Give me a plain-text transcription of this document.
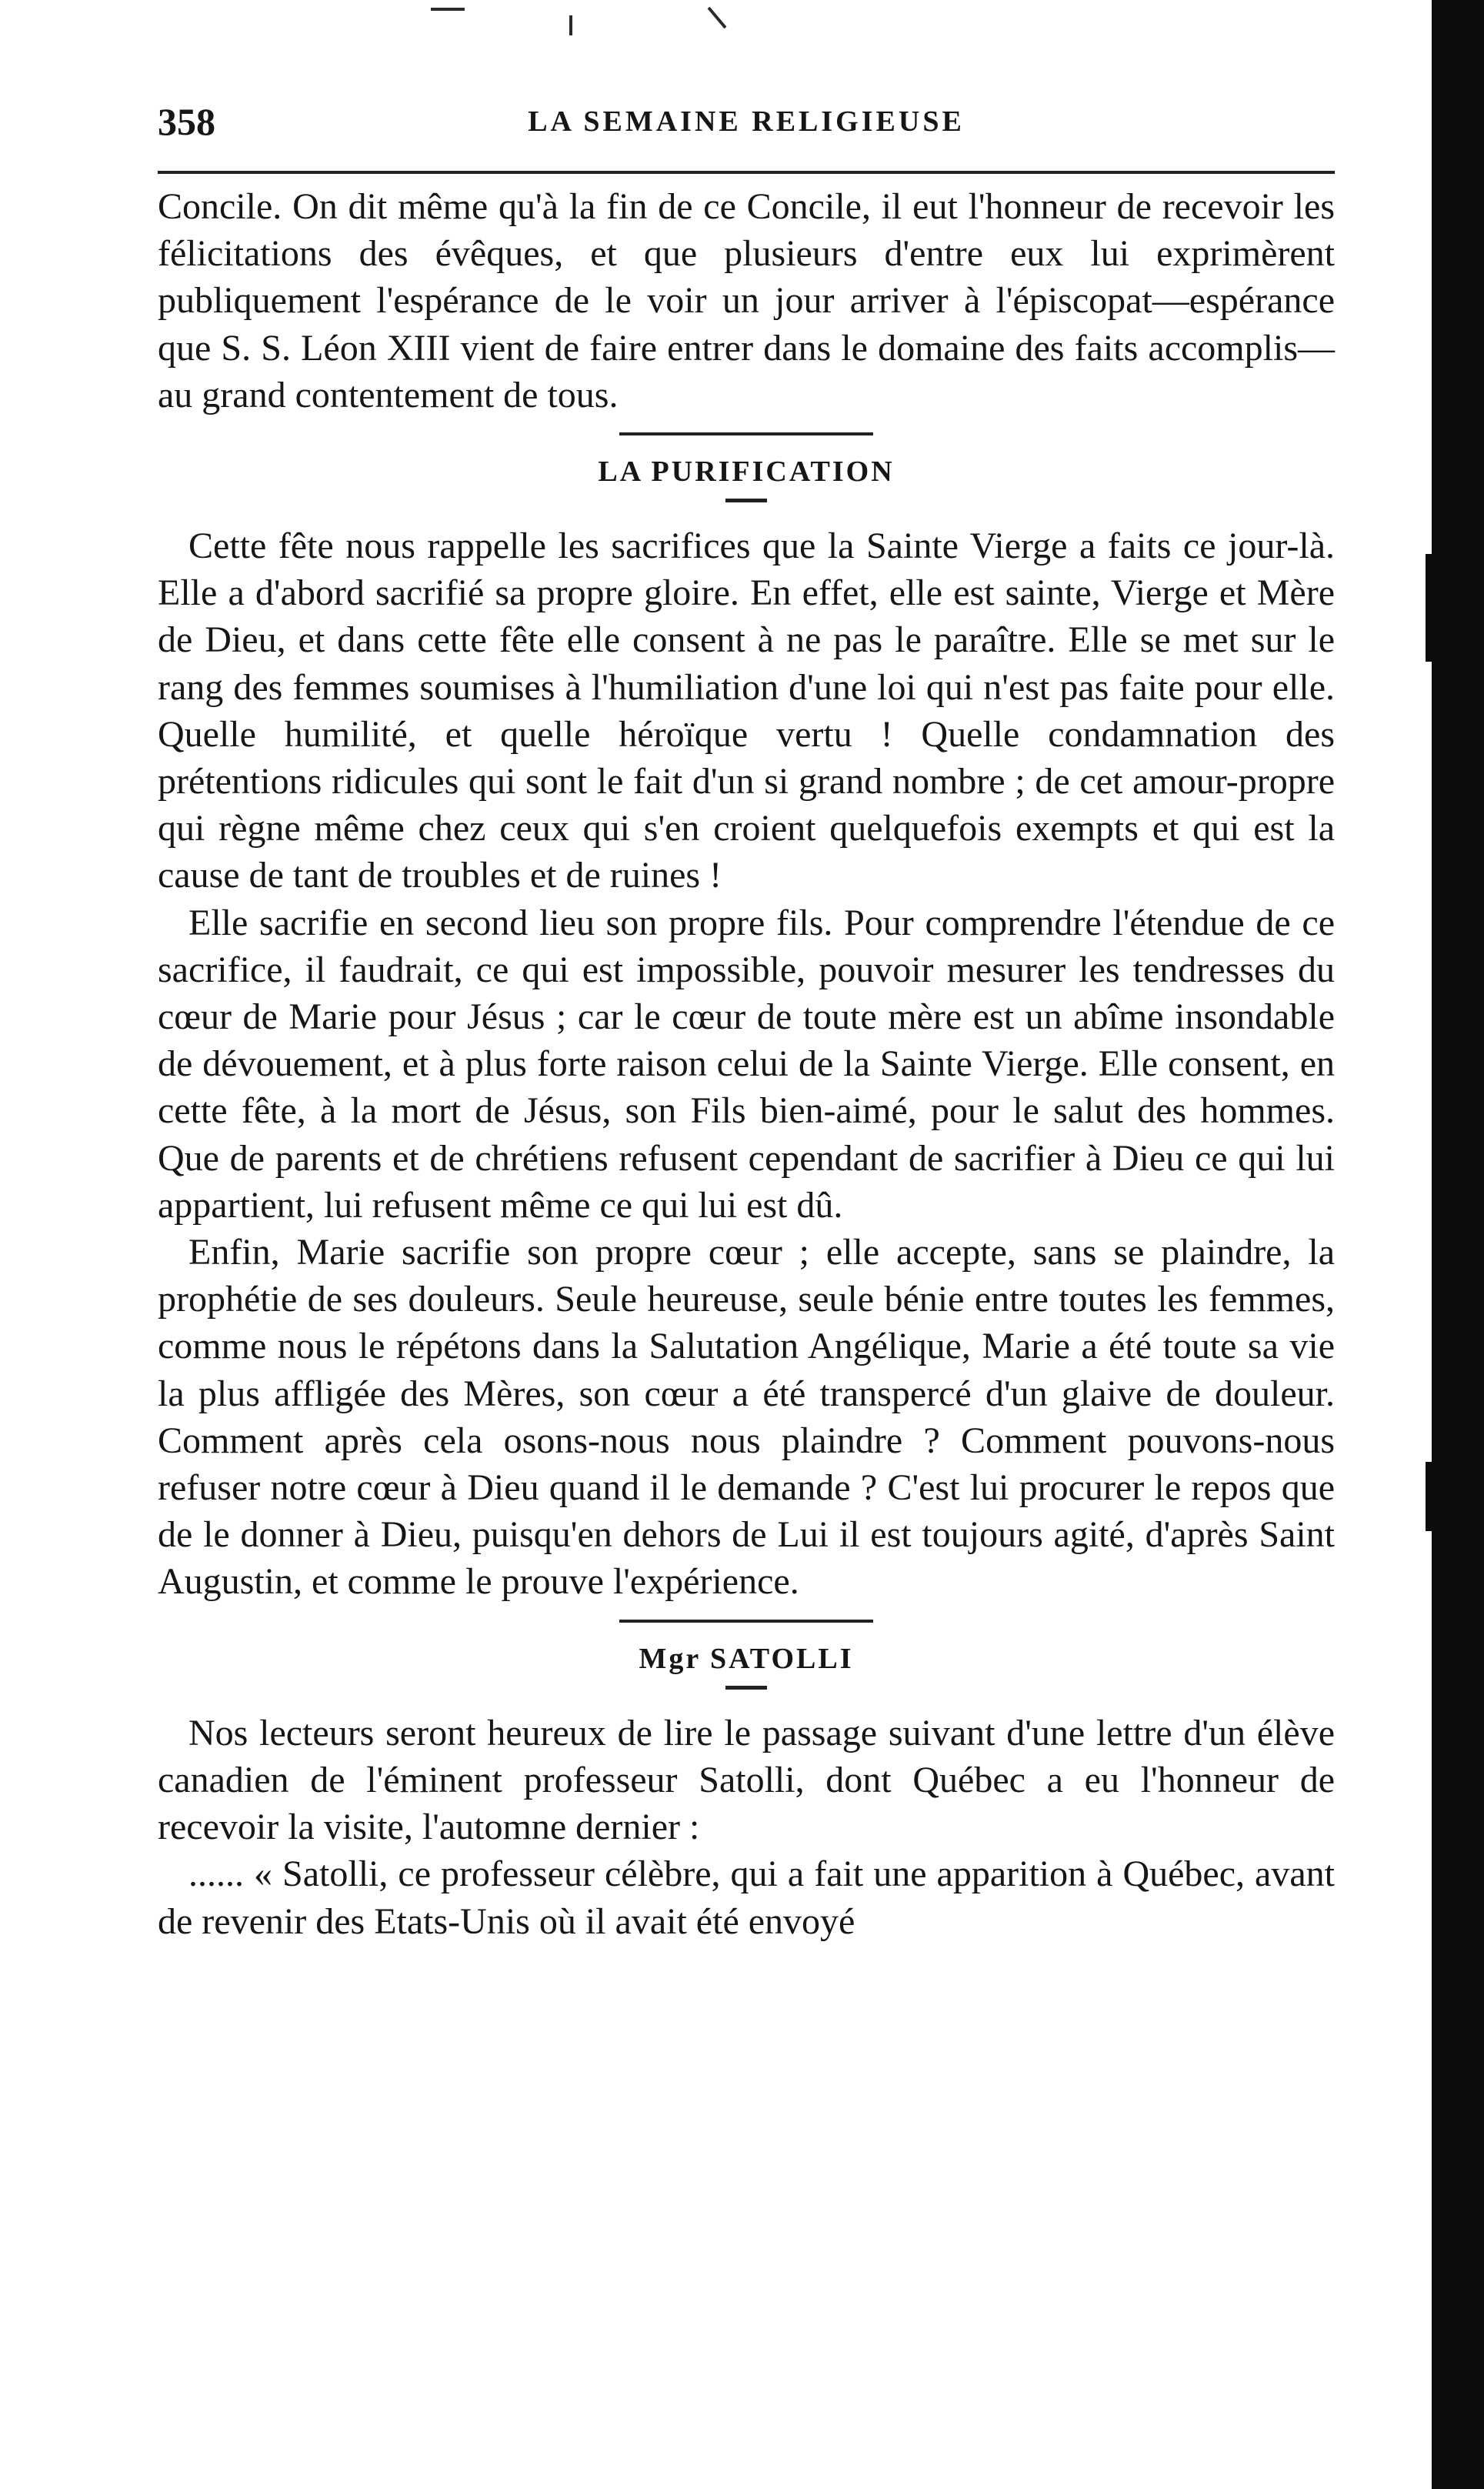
358	LA SEMAINE RELIGIEUSE

Concile. On dit même qu'à la fin de ce Concile, il eut l'honneur de recevoir les félicitations des évêques, et que plusieurs d'entre eux lui exprimèrent publiquement l'espérance de le voir un jour arriver à l'épiscopat—espérance que S. S. Léon XIII vient de faire entrer dans le domaine des faits accomplis—au grand contentement de tous.

LA PURIFICATION

Cette fête nous rappelle les sacrifices que la Sainte Vierge a faits ce jour-là. Elle a d'abord sacrifié sa propre gloire. En effet, elle est sainte, Vierge et Mère de Dieu, et dans cette fête elle consent à ne pas le paraître. Elle se met sur le rang des femmes soumises à l'humiliation d'une loi qui n'est pas faite pour elle. Quelle humilité, et quelle héroïque vertu ! Quelle condamnation des prétentions ridicules qui sont le fait d'un si grand nombre ; de cet amour-propre qui règne même chez ceux qui s'en croient quelquefois exempts et qui est la cause de tant de troubles et de ruines !

Elle sacrifie en second lieu son propre fils. Pour comprendre l'étendue de ce sacrifice, il faudrait, ce qui est impossible, pouvoir mesurer les tendresses du cœur de Marie pour Jésus ; car le cœur de toute mère est un abîme insondable de dévouement, et à plus forte raison celui de la Sainte Vierge. Elle consent, en cette fête, à la mort de Jésus, son Fils bien-aimé, pour le salut des hommes. Que de parents et de chrétiens refusent cependant de sacrifier à Dieu ce qui lui appartient, lui refusent même ce qui lui est dû.

Enfin, Marie sacrifie son propre cœur ; elle accepte, sans se plaindre, la prophétie de ses douleurs. Seule heureuse, seule bénie entre toutes les femmes, comme nous le répétons dans la Salutation Angélique, Marie a été toute sa vie la plus affligée des Mères, son cœur a été transpercé d'un glaive de douleur. Comment après cela osons-nous nous plaindre ? Comment pouvons-nous refuser notre cœur à Dieu quand il le demande ? C'est lui procurer le repos que de le donner à Dieu, puisqu'en dehors de Lui il est toujours agité, d'après Saint Augustin, et comme le prouve l'expérience.

Mgr SATOLLI

Nos lecteurs seront heureux de lire le passage suivant d'une lettre d'un élève canadien de l'éminent professeur Satolli, dont Québec a eu l'honneur de recevoir la visite, l'automne dernier :

...... « Satolli, ce professeur célèbre, qui a fait une apparition à Québec, avant de revenir des Etats-Unis où il avait été envoyé
